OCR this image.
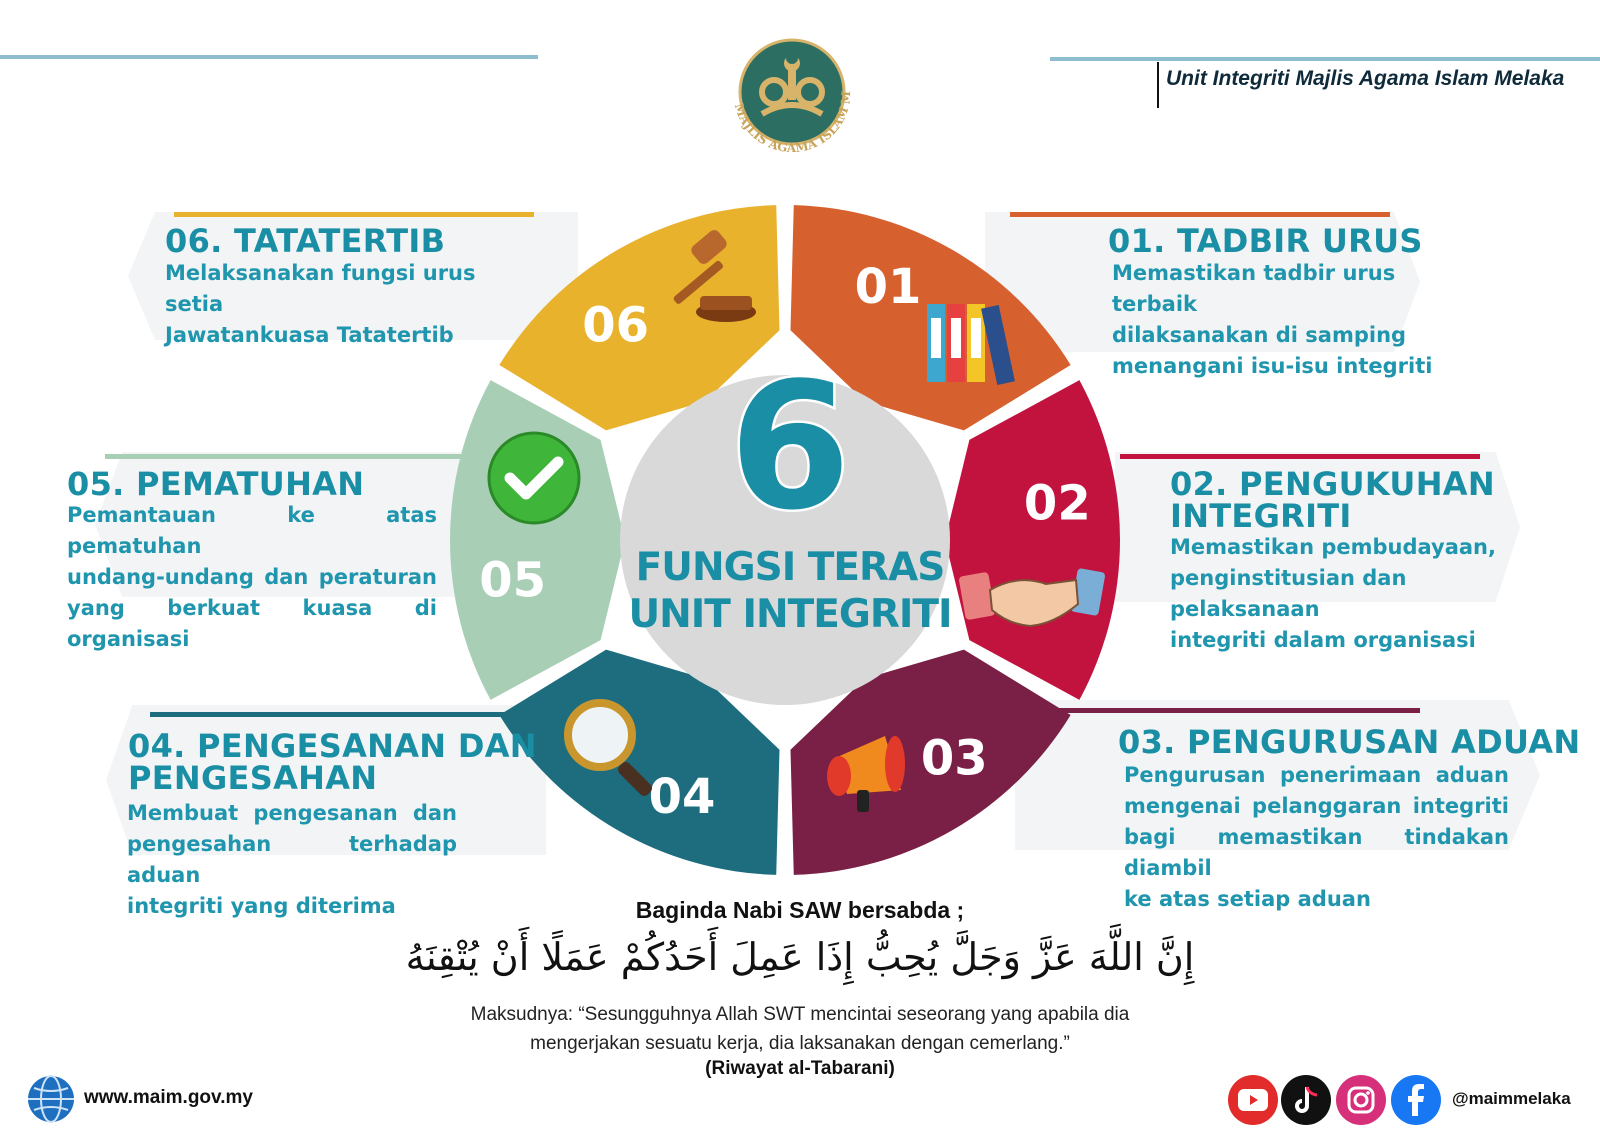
Unit Integriti Majlis Agama Islam Melaka
MAJLIS AGAMA ISLAM M
01
02
03
04
05
06
6
FUNGSI TERAS
UNIT INTEGRITI
06. TATATERTIB
Melaksanakan fungsi urus setia
Jawatankuasa Tatatertib
01. TADBIR URUS
Memastikan tadbir urus terbaik
dilaksanakan di samping
menangani isu-isu integriti
05. PEMATUHAN
Pemantauan ke atas pematuhan
undang-undang dan peraturan
yang berkuat kuasa di organisasi
02. PENGUKUHAN
INTEGRITI
Memastikan pembudayaan,
penginstitusian dan pelaksanaan
integriti dalam organisasi
04. PENGESANAN DAN
PENGESAHAN
Membuat pengesanan dan
pengesahan terhadap aduan
integriti yang diterima
03. PENGURUSAN ADUAN
Pengurusan penerimaan aduan
mengenai pelanggaran integriti
bagi memastikan tindakan diambil
ke atas setiap aduan
Baginda Nabi SAW bersabda ;
إِنَّ اللَّهَ عَزَّ وَجَلَّ يُحِبُّ إِذَا عَمِلَ أَحَدُكُمْ عَمَلًا أَنْ يُتْقِنَهُ
Maksudnya: “Sesungguhnya Allah SWT mencintai seseorang yang apabila dia
mengerjakan sesuatu kerja, dia laksanakan dengan cemerlang.”
(Riwayat al-Tabarani)
www.maim.gov.my	@maimmelaka
